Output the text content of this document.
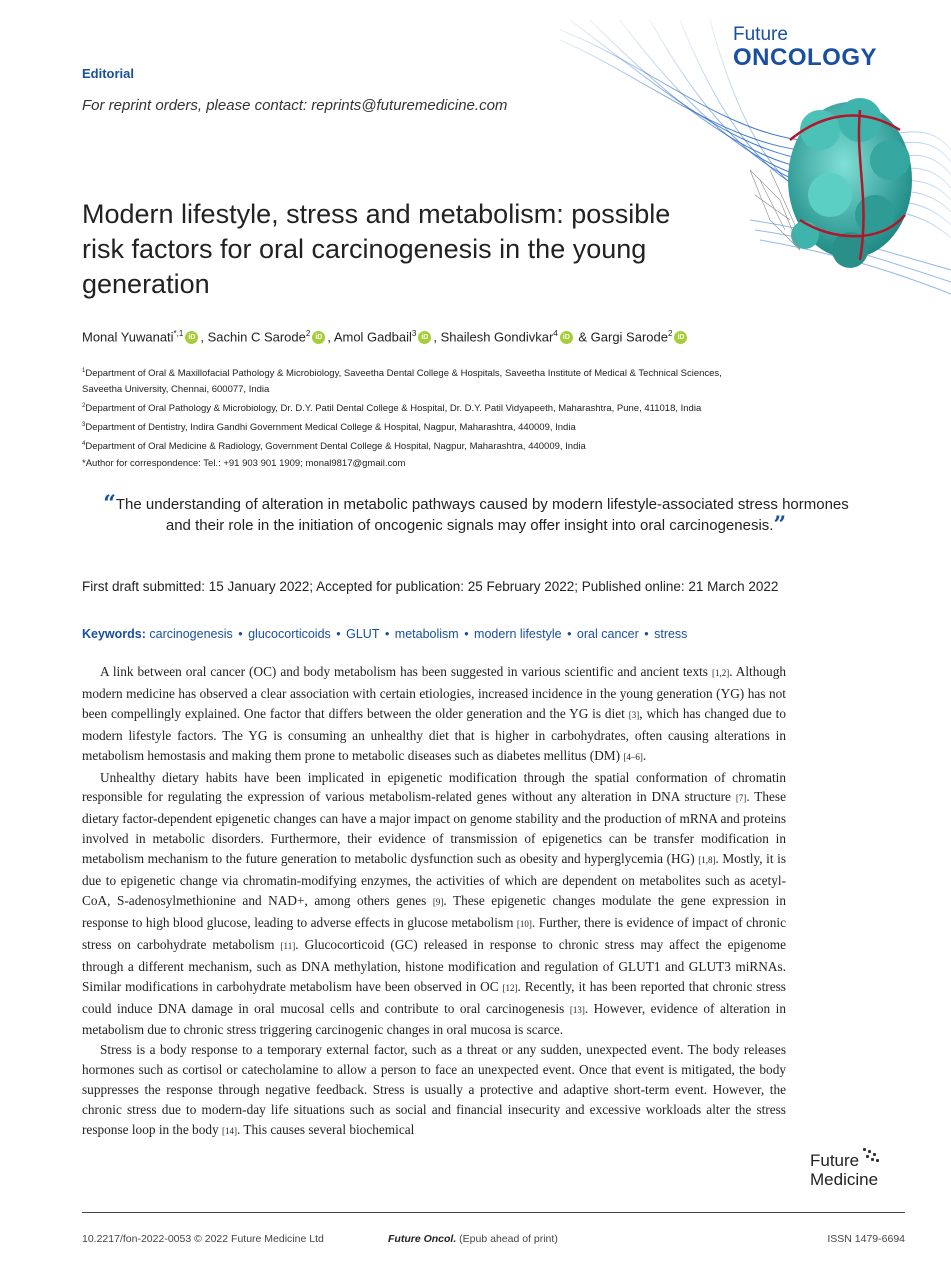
Editorial
For reprint orders, please contact: reprints@futuremedicine.com
Future
ONCOLOGY
Modern lifestyle, stress and metabolism: possible risk factors for oral carcinogenesis in the young generation
Monal Yuwanati$^{*,1}$ iD , Sachin C Sarode$^2$ iD , Amol Gadbail$^3$ iD , Shailesh Gondivkar$^4$ iD & Gargi Sarode$^2$ iD

$^1$Department of Oral & Maxillofacial Pathology & Microbiology, Saveetha Dental College & Hospitals, Saveetha Institute of Medical & Technical Sciences, Saveetha University, Chennai, 600077, India

$^2$Department of Oral Pathology & Microbiology, Dr. D.Y. Patil Dental College & Hospital, Dr. D.Y. Patil Vidyapeeth, Maharashtra, Pune, 411018, India

$^3$Department of Dentistry, Indira Gandhi Government Medical College & Hospital, Nagpur, Maharashtra, 440009, India

$^4$Department of Oral Medicine & Radiology, Government Dental College & Hospital, Nagpur, Maharashtra, 440009, India

*Author for correspondence: Tel.: +91 903 901 1909; monal9817@gmail.com

“The understanding of alteration in metabolic pathways caused by modern lifestyle-associated stress hormones and their role in the initiation of oncogenic signals may offer insight into oral carcinogenesis.”
First draft submitted: 15 January 2022; Accepted for publication: 25 February 2022; Published online: 21 March 2022
Keywords: carcinogenesis • glucocorticoids • GLUT • metabolism • modern lifestyle • oral cancer • stress

A link between oral cancer (OC) and body metabolism has been suggested in various scientific and ancient texts [1,2]. Although modern medicine has observed a clear association with certain etiologies, increased incidence in the young generation (YG) has not been compellingly explained. One factor that differs between the older generation and the YG is diet [3], which has changed due to modern lifestyle factors. The YG is consuming an unhealthy diet that is higher in carbohydrates, often causing alterations in metabolism hemostasis and making them prone to metabolic diseases such as diabetes mellitus (DM) [4–6].

Unhealthy dietary habits have been implicated in epigenetic modification through the spatial conformation of chromatin responsible for regulating the expression of various metabolism-related genes without any alteration in DNA structure [7]. These dietary factor-dependent epigenetic changes can have a major impact on genome stability and the production of mRNA and proteins involved in metabolic disorders. Furthermore, their evidence of transmission of epigenetics can be transfer modification in metabolism mechanism to the future generation to metabolic dysfunction such as obesity and hyperglycemia (HG) [1,8]. Mostly, it is due to epigenetic change via chromatin-modifying enzymes, the activities of which are dependent on metabolites such as acetyl-CoA, S-adenosylmethionine and NAD+, among others genes [9]. These epigenetic changes modulate the gene expression in response to high blood glucose, leading to adverse effects in glucose metabolism [10]. Further, there is evidence of impact of chronic stress on carbohydrate metabolism [11]. Glucocorticoid (GC) released in response to chronic stress may affect the epigenome through a different mechanism, such as DNA methylation, histone modification and regulation of GLUT1 and GLUT3 miRNAs. Similar modifications in carbohydrate metabolism have been observed in OC [12]. Recently, it has been reported that chronic stress could induce DNA damage in oral mucosal cells and contribute to oral carcinogenesis [13]. However, evidence of alteration in metabolism due to chronic stress triggering carcinogenic changes in oral mucosa is scarce.

Stress is a body response to a temporary external factor, such as a threat or any sudden, unexpected event. The body releases hormones such as cortisol or catecholamine to allow a person to face an unexpected event. Once that event is mitigated, the body suppresses the response through negative feedback. Stress is usually a protective and adaptive short-term event. However, the chronic stress due to modern-day life situations such as social and financial insecurity and excessive workloads alter the stress response loop in the body [14]. This causes several biochemical

Future
Medicine
10.2217/fon-2022-0053 © 2022 Future Medicine Ltd	Future Oncol. (Epub ahead of print)	ISSN 1479-6694
